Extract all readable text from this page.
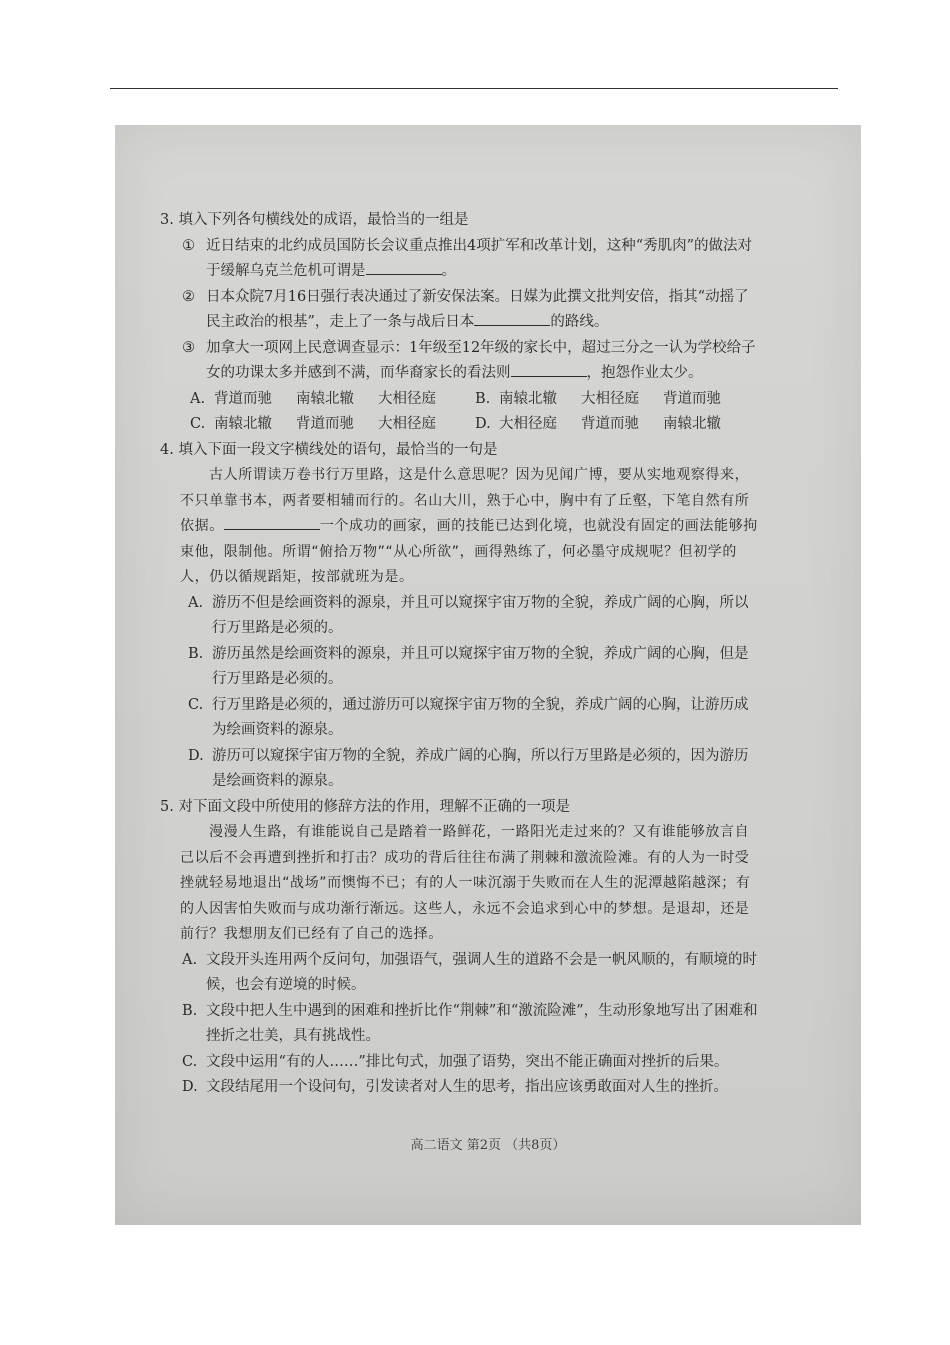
3. 填入下列各句横线处的成语，最恰当的一组是

① 近日结束的北约成员国防长会议重点推出4项扩军和改革计划，这种“秀肌肉”的做法对于缓解乌克兰危机可谓是	。

② 日本众院7月16日强行表决通过了新安保法案。日媒为此撰文批判安倍，指其“动摇了民主政治的根基”，走上了一条与战后日本	的路线。

③ 加拿大一项网上民意调查显示：1年级至12年级的家长中，超过三分之一认为学校给子女的功课太多并感到不满，而华裔家长的看法则	，抱怨作业太少。

A. 背道而驰	南辕北辙	大相径庭	B. 南辕北辙	大相径庭	背道而驰
C. 南辕北辙	背道而驰	大相径庭	D. 大相径庭	背道而驰	南辕北辙

4. 填入下面一段文字横线处的语句，最恰当的一句是

古人所谓读万卷书行万里路，这是什么意思呢？因为见闻广博，要从实地观察得来，不只单靠书本，两者要相辅而行的。名山大川，熟于心中，胸中有了丘壑，下笔自然有所依据。	一个成功的画家，画的技能已达到化境，也就没有固定的画法能够拘束他，限制他。所谓“俯拾万物”“从心所欲”，画得熟练了，何必墨守成规呢？但初学的人，仍以循规蹈矩，按部就班为是。

A. 游历不但是绘画资料的源泉，并且可以窥探宇宙万物的全貌，养成广阔的心胸，所以行万里路是必须的。

B. 游历虽然是绘画资料的源泉，并且可以窥探宇宙万物的全貌，养成广阔的心胸，但是行万里路是必须的。

C. 行万里路是必须的，通过游历可以窥探宇宙万物的全貌，养成广阔的心胸，让游历成为绘画资料的源泉。

D. 游历可以窥探宇宙万物的全貌，养成广阔的心胸，所以行万里路是必须的，因为游历是绘画资料的源泉。

5. 对下面文段中所使用的修辞方法的作用，理解不正确的一项是

漫漫人生路，有谁能说自己是踏着一路鲜花，一路阳光走过来的？又有谁能够放言自己以后不会再遭到挫折和打击？成功的背后往往布满了荆棘和激流险滩。有的人为一时受挫就轻易地退出“战场”而懊悔不已；有的人一味沉溺于失败而在人生的泥潭越陷越深；有的人因害怕失败而与成功渐行渐远。这些人，永远不会追求到心中的梦想。是退却，还是前行？我想朋友们已经有了自己的选择。

A. 文段开头连用两个反问句，加强语气，强调人生的道路不会是一帆风顺的，有顺境的时候，也会有逆境的时候。

B. 文段中把人生中遇到的困难和挫折比作“荆棘”和“激流险滩”，生动形象地写出了困难和挫折之壮美，具有挑战性。

C. 文段中运用“有的人……”排比句式，加强了语势，突出不能正确面对挫折的后果。

D. 文段结尾用一个设问句，引发读者对人生的思考，指出应该勇敢面对人生的挫折。

高二语文 第2页 （共8页）
